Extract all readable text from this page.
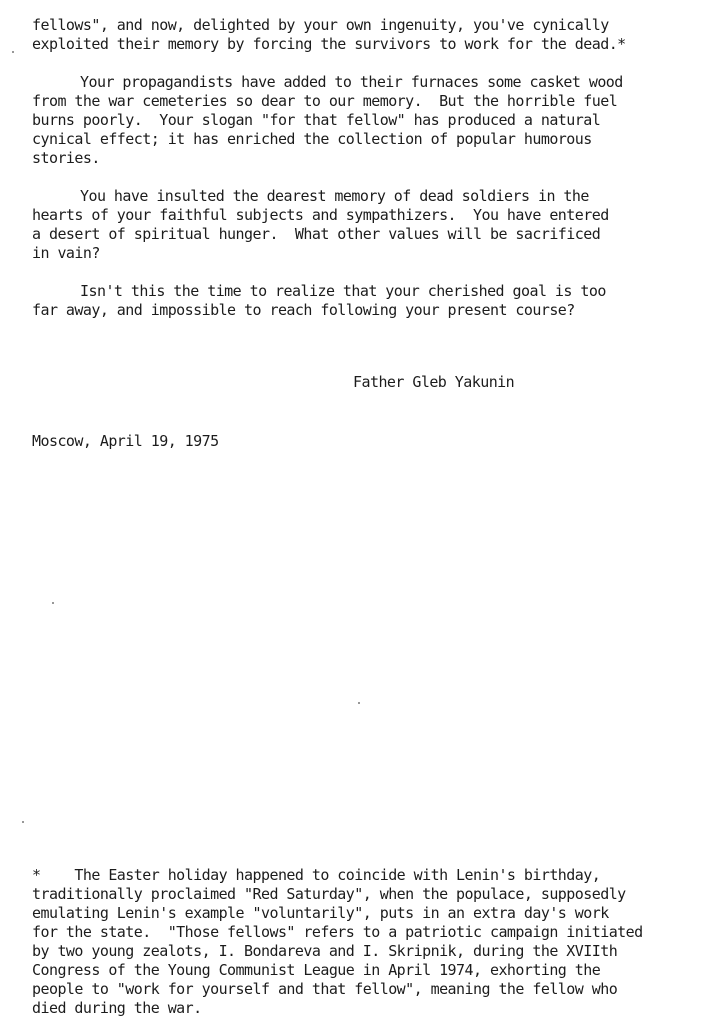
fellows", and now, delighted by your own ingenuity, you've cynically

exploited their memory by forcing the survivors to work for the dead.*

Your propagandists have added to their furnaces some casket wood

from the war cemeteries so dear to our memory.  But the horrible fuel

burns poorly.  Your slogan "for that fellow" has produced a natural

cynical effect; it has enriched the collection of popular humorous

stories.

You have insulted the dearest memory of dead soldiers in the

hearts of your faithful subjects and sympathizers.  You have entered

a desert of spiritual hunger.  What other values will be sacrificed

in vain?

Isn't this the time to realize that your cherished goal is too

far away, and impossible to reach following your present course?

Father Gleb Yakunin

Moscow, April 19, 1975

*    The Easter holiday happened to coincide with Lenin's birthday,

traditionally proclaimed "Red Saturday", when the populace, supposedly

emulating Lenin's example "voluntarily", puts in an extra day's work

for the state.  "Those fellows" refers to a patriotic campaign initiated

by two young zealots, I. Bondareva and I. Skripnik, during the XVIIth

Congress of the Young Communist League in April 1974, exhorting the

people to "work for yourself and that fellow", meaning the fellow who

died during the war.
